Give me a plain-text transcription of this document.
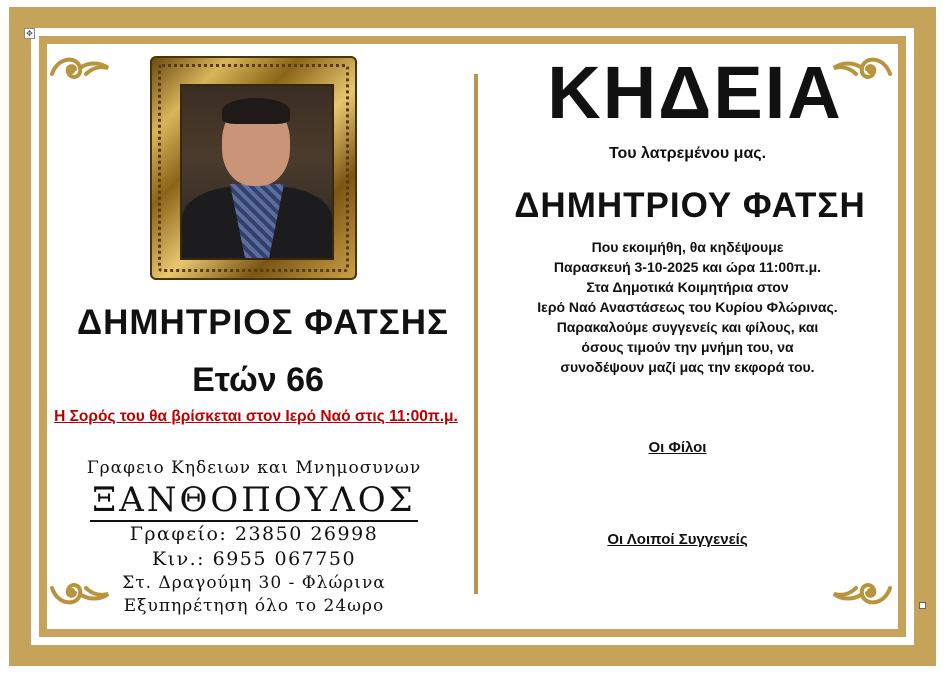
✥
ΔΗΜΗΤΡΙΟΣ ΦΑΤΣΗΣ
Ετών 66
Η Σορός του θα βρίσκεται στον Ιερό Ναό στις 11:00π.μ.
Γραφειο Κηδειων και Μνημοσυνων
ΞΑΝΘΟΠΟΥΛΟΣ
Γραφείο: 23850 26998
Κιν.: 6955 067750
Στ. Δραγούμη 30 - Φλώρινα
Εξυπηρέτηση όλο το 24ωρο
ΚΗΔΕΙΑ
Του λατρεμένου μας.
ΔΗΜΗΤΡΙΟΥ ΦΑΤΣΗ
Που εκοιμήθη, θα κηδέψουμε
Παρασκευή 3-10-2025 και ώρα 11:00π.μ.
Στα Δημοτικά Κοιμητήρια στον
Ιερό Ναό Αναστάσεως του Κυρίου Φλώρινας.
Παρακαλούμε συγγενείς και φίλους, και
όσους τιμούν την μνήμη του, να
συνοδέψουν μαζί μας την εκφορά του.
Οι Φίλοι
Οι Λοιποί Συγγενείς
